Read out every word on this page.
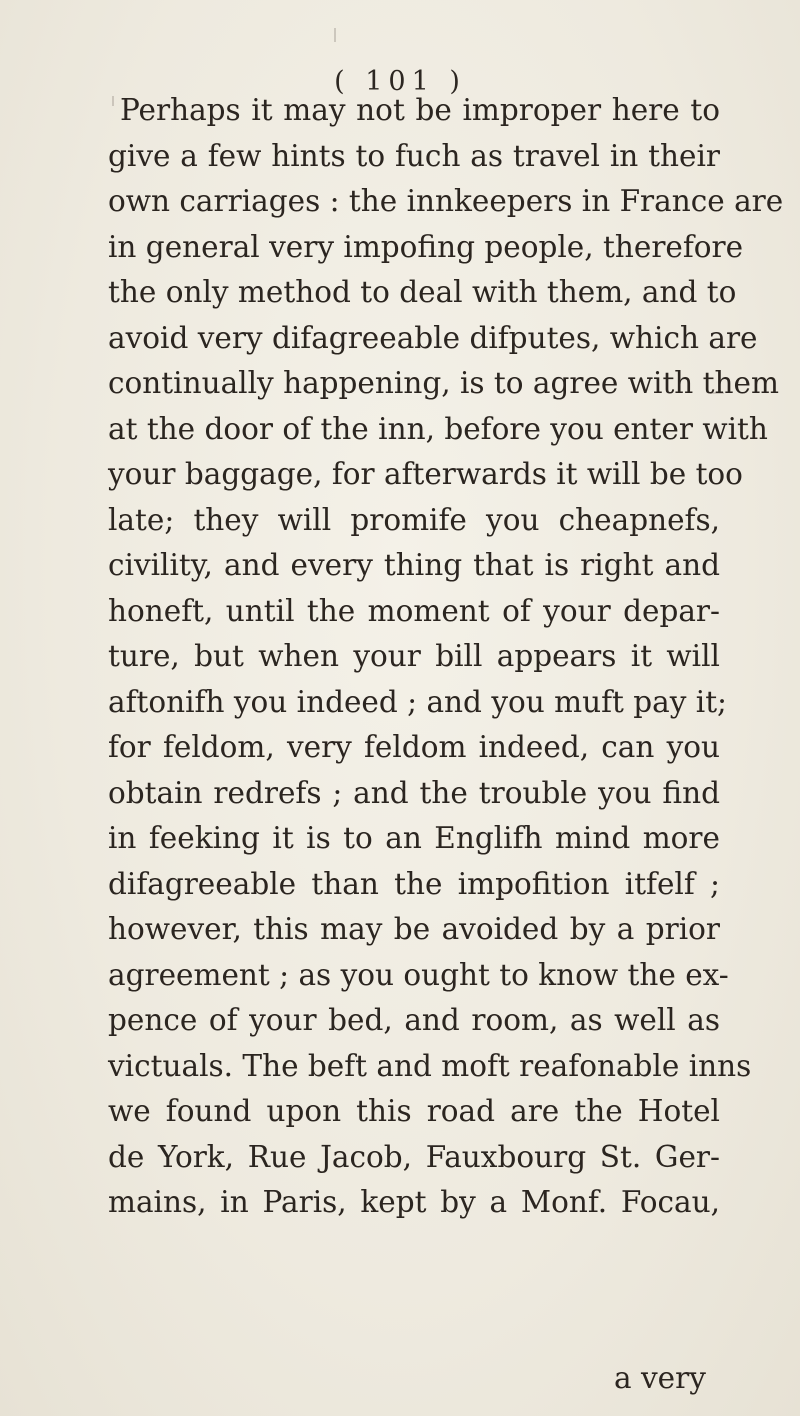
( 101 )
Perhaps it may not be improper here to
give a few hints to fuch as travel in their
own carriages : the innkeepers in France are
in general very impofing people, therefore
the only method to deal with them, and to
avoid very difagreeable difputes, which are
continually happening, is to agree with them
at the door of the inn, before you enter with
your baggage, for afterwards it will be too
late; they will promife you cheapnefs,
civility, and every thing that is right and
honeft, until the moment of your depar-
ture, but when your bill appears it will
aftonifh you indeed ; and you muft pay it;
for feldom, very feldom indeed, can you
obtain redrefs ; and the trouble you find
in feeking it is to an Englifh mind more
difagreeable than the impofition itfelf ;
however, this may be avoided by a prior
agreement ; as you ought to know the ex-
pence of your bed, and room, as well as
victuals. The beft and moft reafonable inns
we found upon this road are the Hotel
de York, Rue Jacob, Fauxbourg St. Ger-
mains, in Paris, kept by a Monf. Focau,
a very
